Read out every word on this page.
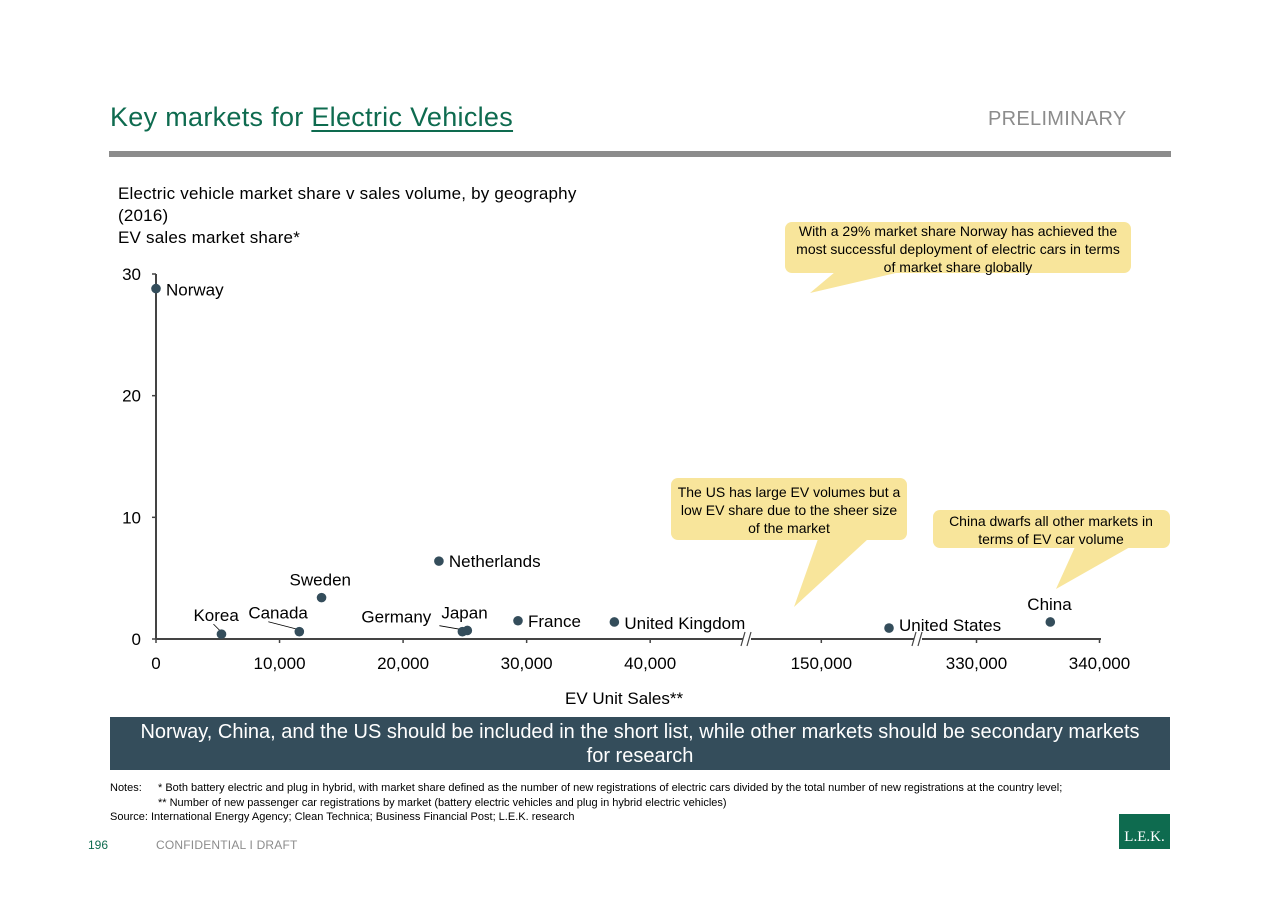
Key markets for Electric Vehicles	PRELIMINARY
Electric vehicle market share v sales volume, by geography
(2016)
EV sales market share*
0
10
20
30
0	10,000	20,000	30,000	40,000	150,000	330,000	340,000
Korea Canada
Sweden
Netherlands
Germany Japan France	United Kingdom
Norway
United States
China
With a 29% market share Norway has achieved the most successful deployment of electric cars in terms of market share globally
The US has large EV volumes but a low EV share due to the sheer size of the market	China dwarfs all other markets in terms of EV car volume
EV Unit Sales**
Norway, China, and the US should be included in the short list, while other markets should be secondary markets for research
Notes: * Both battery electric and plug in hybrid, with market share defined as the number of new registrations of electric cars divided by the total number of new registrations at the country level;
** Number of new passenger car registrations by market (battery electric vehicles and plug in hybrid electric vehicles)
Source: International Energy Agency; Clean Technica; Business Financial Post; L.E.K. research
196	CONFIDENTIAL I DRAFT	L.E.K.
